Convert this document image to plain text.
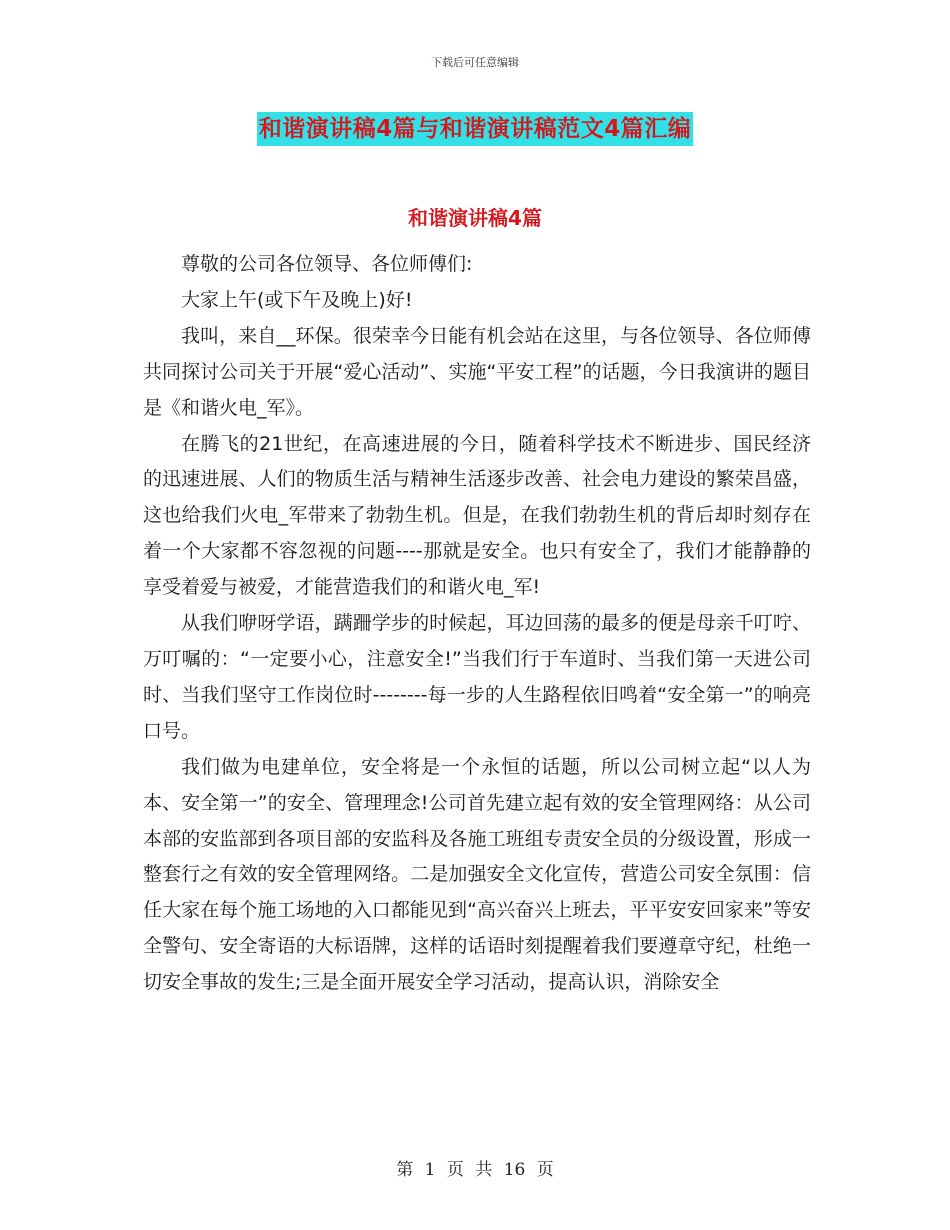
下载后可任意编辑
和谐演讲稿4篇与和谐演讲稿范文4篇汇编
和谐演讲稿4篇

尊敬的公司各位领导、各位师傅们:

大家上午(或下午及晚上)好!

我叫，来自__环保。很荣幸今日能有机会站在这里，与各位领导、各位师傅共同探讨公司关于开展“爱心活动”、实施“平安工程”的话题，今日我演讲的题目是《和谐火电_军》。

在腾飞的21世纪，在高速进展的今日，随着科学技术不断进步、国民经济的迅速进展、人们的物质生活与精神生活逐步改善、社会电力建设的繁荣昌盛，这也给我们火电_军带来了勃勃生机。但是，在我们勃勃生机的背后却时刻存在着一个大家都不容忽视的问题----那就是安全。也只有安全了，我们才能静静的享受着爱与被爱，才能营造我们的和谐火电_军!

从我们咿呀学语，蹒跚学步的时候起，耳边回荡的最多的便是母亲千叮咛、万叮嘱的：“一定要小心，注意安全!”当我们行于车道时、当我们第一天进公司时、当我们坚守工作岗位时--------每一步的人生路程依旧鸣着“安全第一”的响亮口号。

我们做为电建单位，安全将是一个永恒的话题，所以公司树立起“以人为本、安全第一”的安全、管理理念!公司首先建立起有效的安全管理网络：从公司本部的安监部到各项目部的安监科及各施工班组专责安全员的分级设置，形成一整套行之有效的安全管理网络。二是加强安全文化宣传，营造公司安全氛围：信任大家在每个施工场地的入口都能见到“高兴奋兴上班去，平平安安回家来”等安全警句、安全寄语的大标语牌，这样的话语时刻提醒着我们要遵章守纪，杜绝一切安全事故的发生;三是全面开展安全学习活动，提高认识，消除安全

第 1 页 共 16 页
